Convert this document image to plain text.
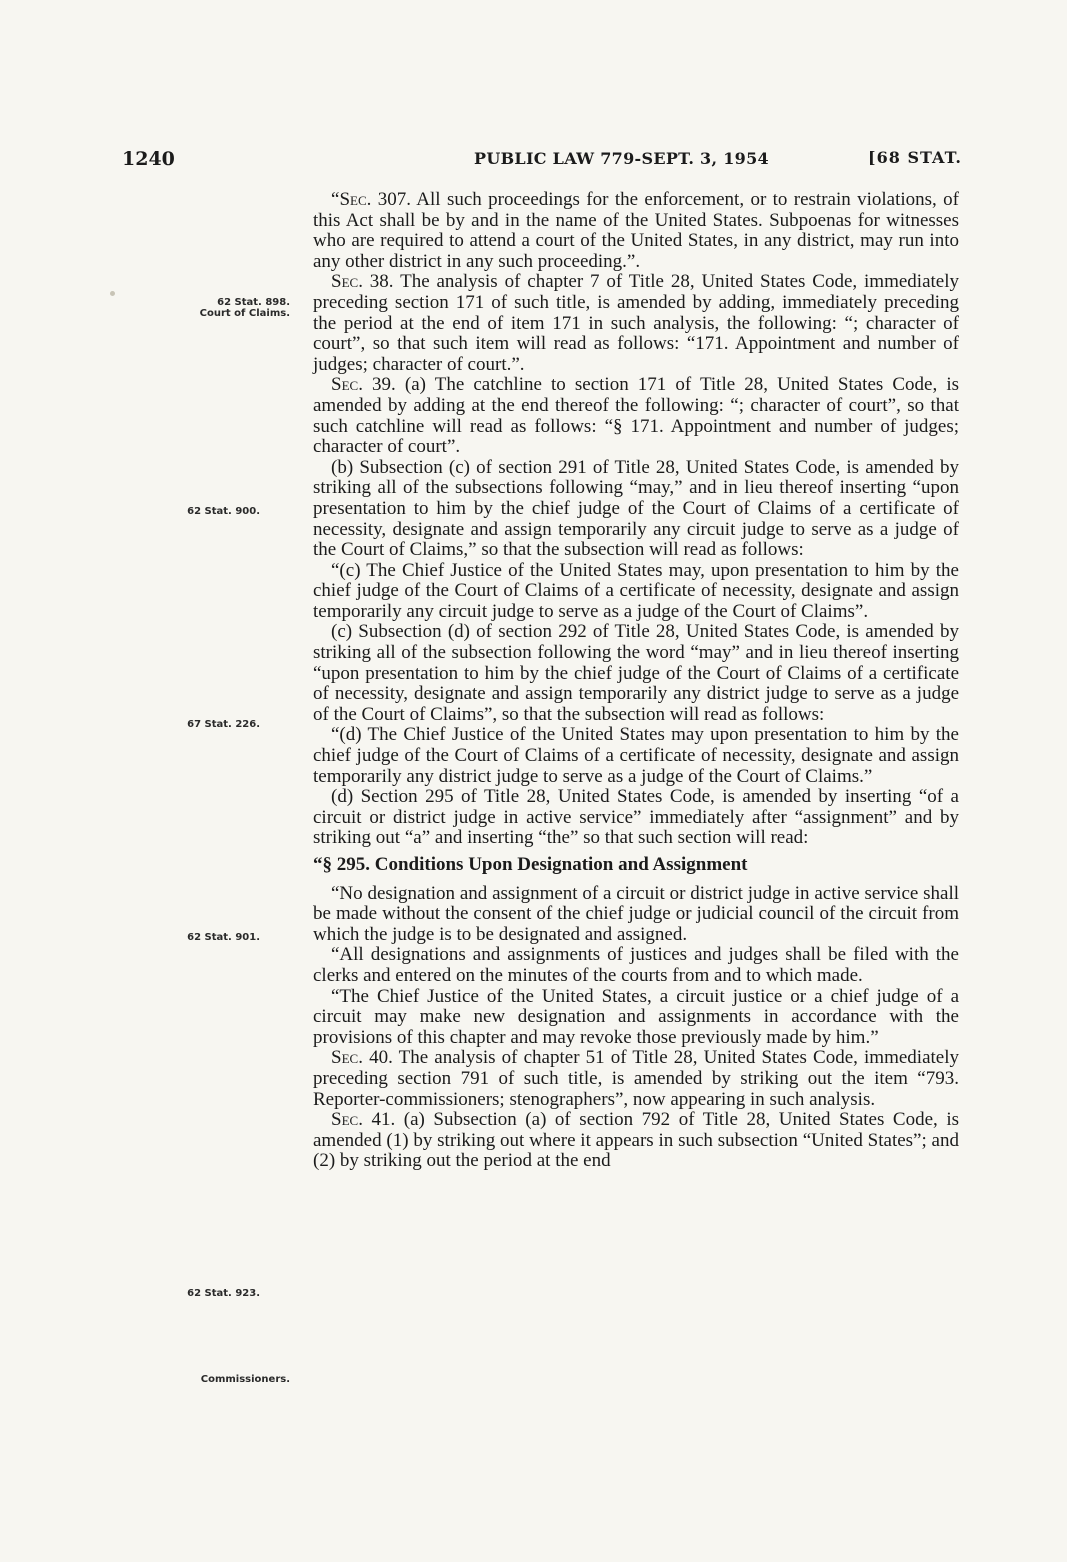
1240	PUBLIC LAW 779-SEPT. 3, 1954	[68 STAT.
62 Stat. 898.
Court of Claims.
62 Stat. 900.
67 Stat. 226.
62 Stat. 901.
62 Stat. 923.
Commissioners.

“Sec. 307. All such proceedings for the enforcement, or to restrain violations, of this Act shall be by and in the name of the United States. Subpoenas for witnesses who are required to attend a court of the United States, in any district, may run into any other district in any such proceeding.”.

Sec. 38. The analysis of chapter 7 of Title 28, United States Code, immediately preceding section 171 of such title, is amended by adding, immediately preceding the period at the end of item 171 in such analysis, the following: “; character of court”, so that such item will read as follows: “171. Appointment and number of judges; character of court.”.

Sec. 39. (a) The catchline to section 171 of Title 28, United States Code, is amended by adding at the end thereof the following: “; character of court”, so that such catchline will read as follows: “§ 171. Appointment and number of judges; character of court”.

(b) Subsection (c) of section 291 of Title 28, United States Code, is amended by striking all of the subsections following “may,” and in lieu thereof inserting “upon presentation to him by the chief judge of the Court of Claims of a certificate of necessity, designate and assign temporarily any circuit judge to serve as a judge of the Court of Claims,” so that the subsection will read as follows:

“(c) The Chief Justice of the United States may, upon presentation to him by the chief judge of the Court of Claims of a certificate of necessity, designate and assign temporarily any circuit judge to serve as a judge of the Court of Claims”.

(c) Subsection (d) of section 292 of Title 28, United States Code, is amended by striking all of the subsection following the word “may” and in lieu thereof inserting “upon presentation to him by the chief judge of the Court of Claims of a certificate of necessity, designate and assign temporarily any district judge to serve as a judge of the Court of Claims”, so that the subsection will read as follows:

“(d) The Chief Justice of the United States may upon presentation to him by the chief judge of the Court of Claims of a certificate of necessity, designate and assign temporarily any district judge to serve as a judge of the Court of Claims.”

(d) Section 295 of Title 28, United States Code, is amended by inserting “of a circuit or district judge in active service” immediately after “assignment” and by striking out “a” and inserting “the” so that such section will read:

“§ 295. Conditions Upon Designation and Assignment

“No designation and assignment of a circuit or district judge in active service shall be made without the consent of the chief judge or judicial council of the circuit from which the judge is to be designated and assigned.

“All designations and assignments of justices and judges shall be filed with the clerks and entered on the minutes of the courts from and to which made.

“The Chief Justice of the United States, a circuit justice or a chief judge of a circuit may make new designation and assignments in accordance with the provisions of this chapter and may revoke those previously made by him.”

Sec. 40. The analysis of chapter 51 of Title 28, United States Code, immediately preceding section 791 of such title, is amended by striking out the item “793. Reporter-commissioners; stenographers”, now appearing in such analysis.

Sec. 41. (a) Subsection (a) of section 792 of Title 28, United States Code, is amended (1) by striking out where it appears in such subsection “United States”; and (2) by striking out the period at the end
